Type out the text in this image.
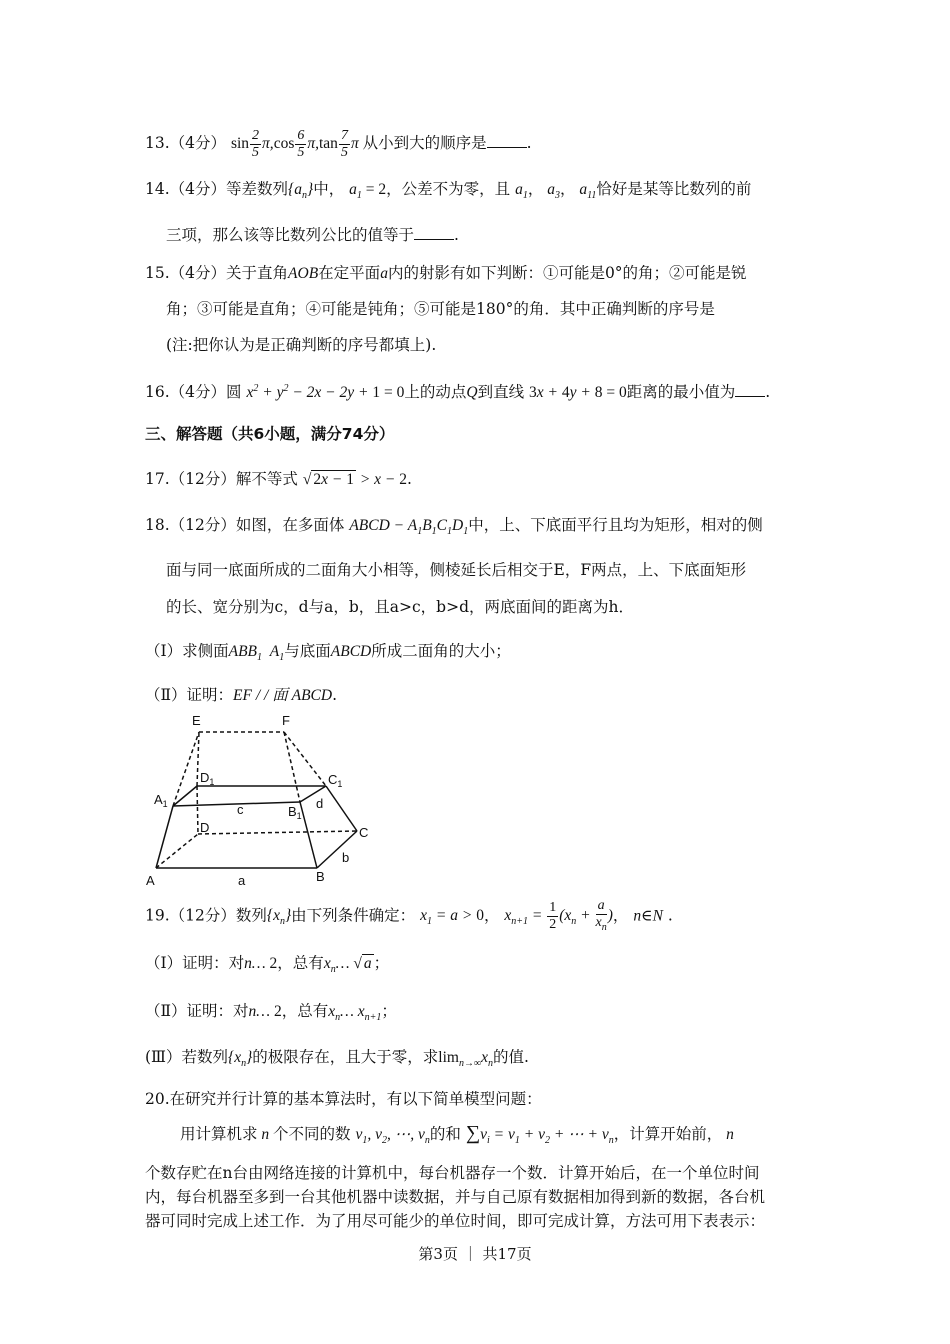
13.（4分） $\sin \frac{2}{5} \pi,\cos \frac{6}{5} \pi,\tan \frac{7}{5}$ π 从小到大的顺序是	.
14.（4分）等差数列$\{a_n\}$中， $a_1 = 2$，公差不为零，且 $a_1$， $a_3$， $a_{11}$恰好是某等比数列的前
三项，那么该等比数列公比的值等于	.
15.（4分）关于直角AOB在定平面a内的射影有如下判断：①可能是0°的角；②可能是锐
角；③可能是直角；④可能是钝角；⑤可能是180°的角．其中正确判断的序号是
(注:把你认为是正确判断的序号都填上).
16.（4分）圆 $x^2 + y^2 - 2x - 2y + 1 = 0$上的动点Q到直线 3x + 4y + 8 = 0距离的最小值为 .
三、解答题（共6小题，满分74分）
17.（12分）解不等式 √ 2x − 1 > x − 2.
18.（12分）如图，在多面体 ABCD − $A_1B_1C_1D_1$中，上、下底面平行且均为矩形，相对的侧
面与同一底面所成的二面角大小相等，侧棱延长后相交于E，F两点，上、下底面矩形
的长、宽分别为c，d与a，b，且a>c，b>d，两底面间的距离为h．
（Ⅰ）求侧面$ABB_1$  $A_1$与底面ABCD所成二面角的大小；
（Ⅱ）证明：EF / / 面 ABCD.
E	F
$D_1$	$C_1$
$A_1$	$B_1$
c	d
D	C
A	B
a
b
19.（12分）数列$\{x_n\}$由下列条件确定： $x_1 = a > 0$， $x_{n+1} = \frac{1}{2} (x_n + \frac{a}{x_n}$ )， n∈N .
（Ⅰ）证明：对n… 2，总有$x_n\dots$ √ a ；
（Ⅱ）证明：对n… 2，总有$x_n\dots$ $x_{n+1}$；
(Ⅲ）若数列$\{x_n\}$的极限存在，且大于零，求$\lim_{n\to\infty}x_n$的值.
20.在研究并行计算的基本算法时，有以下简单模型问题：
用计算机求 n 个不同的数 $v_1$, $v_2$, ⋯, $v_n$的和 $\sum v_i = v_1 + v_2$ + ⋯ + $v_n$，计算开始前， n
个数存贮在n台由网络连接的计算机中，每台机器存一个数．计算开始后，在一个单位时间
内，每台机器至多到一台其他机器中读数据，并与自己原有数据相加得到新的数据，各台机
器可同时完成上述工作．为了用尽可能少的单位时间，即可完成计算，方法可用下表表示：
第3页 ｜ 共17页
